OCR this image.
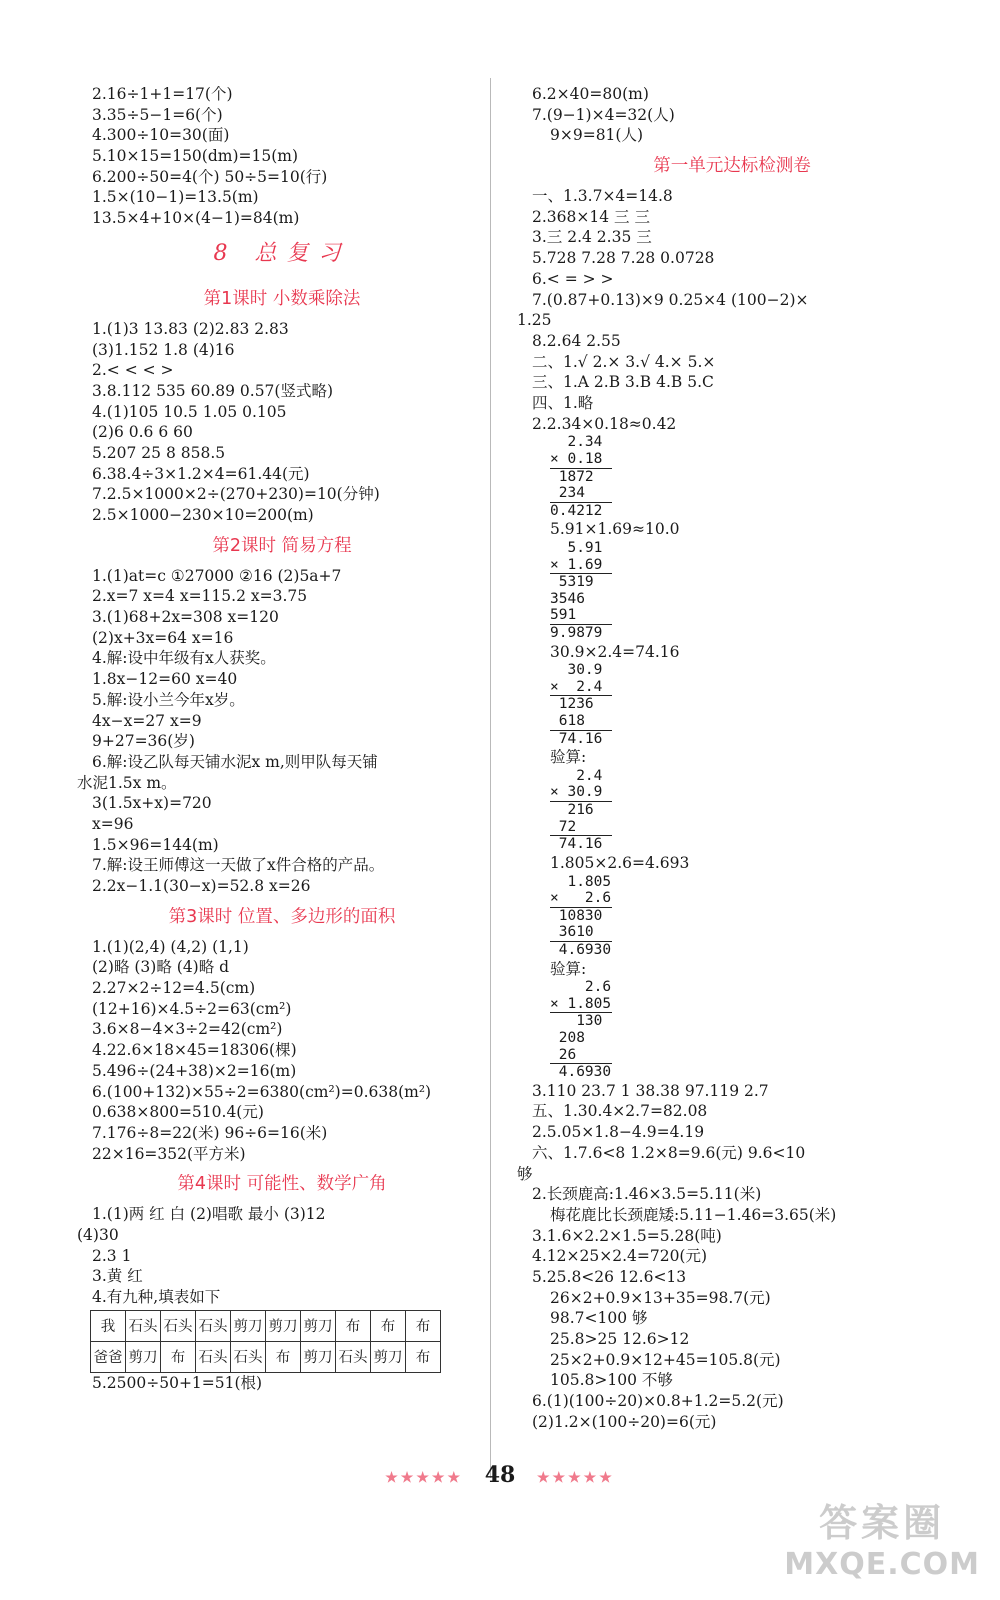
2.16÷1+1=17(个)
3.35÷5−1=6(个)
4.300÷10=30(面)
5.10×15=150(dm)=15(m)
6.200÷50=4(个) 50÷5=10(行)
1.5×(10−1)=13.5(m)
13.5×4+10×(4−1)=84(m)
8 总复习
第1课时 小数乘除法
1.(1)3 13.83 (2)2.83 2.83
(3)1.152 1.8 (4)16
2.< < < >
3.8.112 535 60.89 0.57(竖式略)
4.(1)105 10.5 1.05 0.105
(2)6 0.6 6 60
5.207 25 8 858.5
6.38.4÷3×1.2×4=61.44(元)
7.2.5×1000×2÷(270+230)=10(分钟)
2.5×1000−230×10=200(m)
第2课时 简易方程
1.(1)at=c ①27000 ②16 (2)5a+7
2.x=7 x=4 x=115.2 x=3.75
3.(1)68+2x=308 x=120
(2)x+3x=64 x=16
4.解:设中年级有x人获奖。
1.8x−12=60 x=40
5.解:设小兰今年x岁。
4x−x=27 x=9
9+27=36(岁)
6.解:设乙队每天铺水泥x m,则甲队每天铺
水泥1.5x m。
3(1.5x+x)=720
x=96
1.5×96=144(m)
7.解:设王师傅这一天做了x件合格的产品。
2.2x−1.1(30−x)=52.8 x=26
第3课时 位置、多边形的面积
1.(1)(2,4) (4,2) (1,1)
(2)略 (3)略 (4)略 d
2.27×2÷12=4.5(cm)
(12+16)×4.5÷2=63(cm²)
3.6×8−4×3÷2=42(cm²)
4.22.6×18×45=18306(棵)
5.496÷(24+38)×2=16(m)
6.(100+132)×55÷2=6380(cm²)=0.638(m²)
0.638×800=510.4(元)
7.176÷8=22(米) 96÷6=16(米)
22×16=352(平方米)
第4课时 可能性、数学广角
1.(1)两 红 白 (2)唱歌 最小 (3)12
(4)30
2.3 1
3.黄 红
4.有九种,填表如下
我	石头	石头	石头	剪刀	剪刀	剪刀	布	布	布
爸爸	剪刀	布	石头	石头	布	剪刀	石头	剪刀	布
5.2500÷50+1=51(根)
6.2×40=80(m)
7.(9−1)×4=32(人)
9×9=81(人)
第一单元达标检测卷
一、1.3.7×4=14.8
2.368×14 三 三
3.三 2.4 2.35 三
5.728 7.28 7.28 0.0728
6.< = > >
7.(0.87+0.13)×9 0.25×4 (100−2)×
1.25
8.2.64 2.55
二、1.√ 2.× 3.√ 4.× 5.×
三、1.A 2.B 3.B 4.B 5.C
四、1.略
2.2.34×0.18≈0.42
2.34
× 0.18
1872
234
0.4212
5.91×1.69≈10.0
5.91
× 1.69
5319
3546
591
9.9879
30.9×2.4=74.16
30.9
×  2.4
1236
618
74.16
验算:
2.4
× 30.9
216
72
74.16
1.805×2.6=4.693
1.805
×   2.6
10830
3610
4.6930
验算:
2.6
× 1.805
130
208
26
4.6930
3.110 23.7 1 38.38 97.119 2.7
五、1.30.4×2.7=82.08
2.5.05×1.8−4.9=4.19
六、1.7.6<8 1.2×8=9.6(元) 9.6<10
够
2.长颈鹿高:1.46×3.5=5.11(米)
梅花鹿比长颈鹿矮:5.11−1.46=3.65(米)
3.1.6×2.2×1.5=5.28(吨)
4.12×25×2.4=720(元)
5.25.8<26 12.6<13
26×2+0.9×13+35=98.7(元)
98.7<100 够
25.8>25 12.6>12
25×2+0.9×12+45=105.8(元)
105.8>100 不够
6.(1)(100÷20)×0.8+1.2=5.2(元)
(2)1.2×(100÷20)=6(元)
★★★★★ 48 ★★★★★
答案圈
MXQE.COM
